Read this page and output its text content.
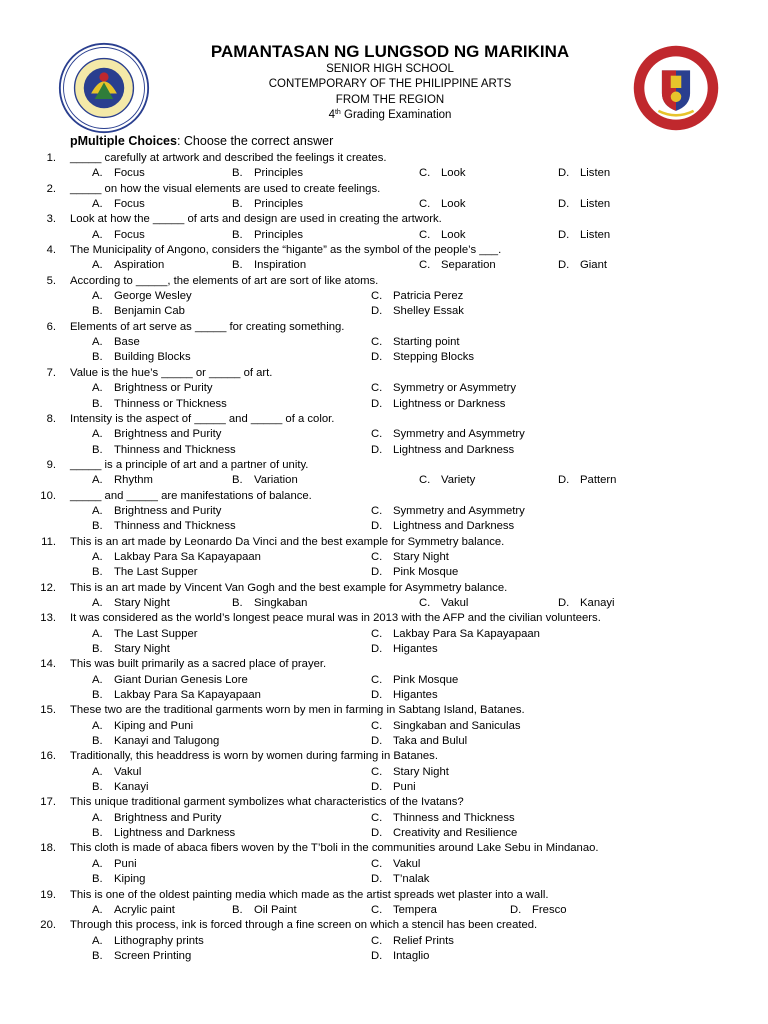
PAMANTASAN NG LUNGSOD NG MARIKINA

SENIOR HIGH SCHOOL

CONTEMPORARY OF THE PHILIPPINE ARTS

FROM THE REGION

4th Grading Examination

pMultiple Choices: Choose the correct answer
1. _____ carefully at artwork and described the feelings it creates.
A. Focus	B. Principles	C. Look	D. Listen
2. _____ on how the visual elements are used to create feelings.
A. Focus	B. Principles	C. Look	D. Listen
3. Look at how the _____ of arts and design are used in creating the artwork.
A. Focus	B. Principles	C. Look	D. Listen
4. The Municipality of Angono, considers the “higante” as the symbol of the people’s ___.
A. Aspiration	B. Inspiration	C. Separation	D. Giant
5. According to _____, the elements of art are sort of like atoms.
A. George Wesley	C. Patricia Perez
B. Benjamin Cab	D. Shelley Essak
6. Elements of art serve as _____ for creating something.
A. Base	C. Starting point
B. Building Blocks	D. Stepping Blocks
7. Value is the hue’s _____ or _____ of art.
A. Brightness or Purity	C. Symmetry or Asymmetry
B. Thinness or Thickness	D. Lightness or Darkness
8. Intensity is the aspect of _____ and _____ of a color.
A. Brightness and Purity	C. Symmetry and Asymmetry
B. Thinness and Thickness	D. Lightness and Darkness
9. _____ is a principle of art and a partner of unity.
A. Rhythm	B. Variation	C. Variety	D. Pattern
10. _____ and _____ are manifestations of balance.
A. Brightness and Purity	C. Symmetry and Asymmetry
B. Thinness and Thickness	D. Lightness and Darkness
11. This is an art made by Leonardo Da Vinci and the best example for Symmetry balance.
A. Lakbay Para Sa Kapayapaan	C. Stary Night
B. The Last Supper	D. Pink Mosque
12. This is an art made by Vincent Van Gogh and the best example for Asymmetry balance.
A. Stary Night	B. Singkaban	C. Vakul	D. Kanayi
13. It was considered as the world’s longest peace mural was in 2013 with the AFP and the civilian volunteers.
A. The Last Supper	C. Lakbay Para Sa Kapayapaan
B. Stary Night	D. Higantes
14. This was built primarily as a sacred place of prayer.
A. Giant Durian Genesis Lore	C. Pink Mosque
B. Lakbay Para Sa Kapayapaan	D. Higantes
15. These two are the traditional garments worn by men in farming in Sabtang Island, Batanes.
A. Kiping and Puni	C. Singkaban and Saniculas
B. Kanayi and Talugong	D. Taka and Bulul
16. Traditionally, this headdress is worn by women during farming in Batanes.
A. Vakul	C. Stary Night
B. Kanayi	D. Puni
17. This unique traditional garment symbolizes what characteristics of the Ivatans?
A. Brightness and Purity	C. Thinness and Thickness
B. Lightness and Darkness	D. Creativity and Resilience
18. This cloth is made of abaca fibers woven by the T’boli in the communities around Lake Sebu in Mindanao.
A. Puni	C. Vakul
B. Kiping	D. T’nalak
19. This is one of the oldest painting media which made as the artist spreads wet plaster into a wall.
A. Acrylic paint	B. Oil Paint	C. Tempera	D. Fresco
20. Through this process, ink is forced through a fine screen on which a stencil has been created.
A. Lithography prints	C. Relief Prints
B. Screen Printing	D. Intaglio
